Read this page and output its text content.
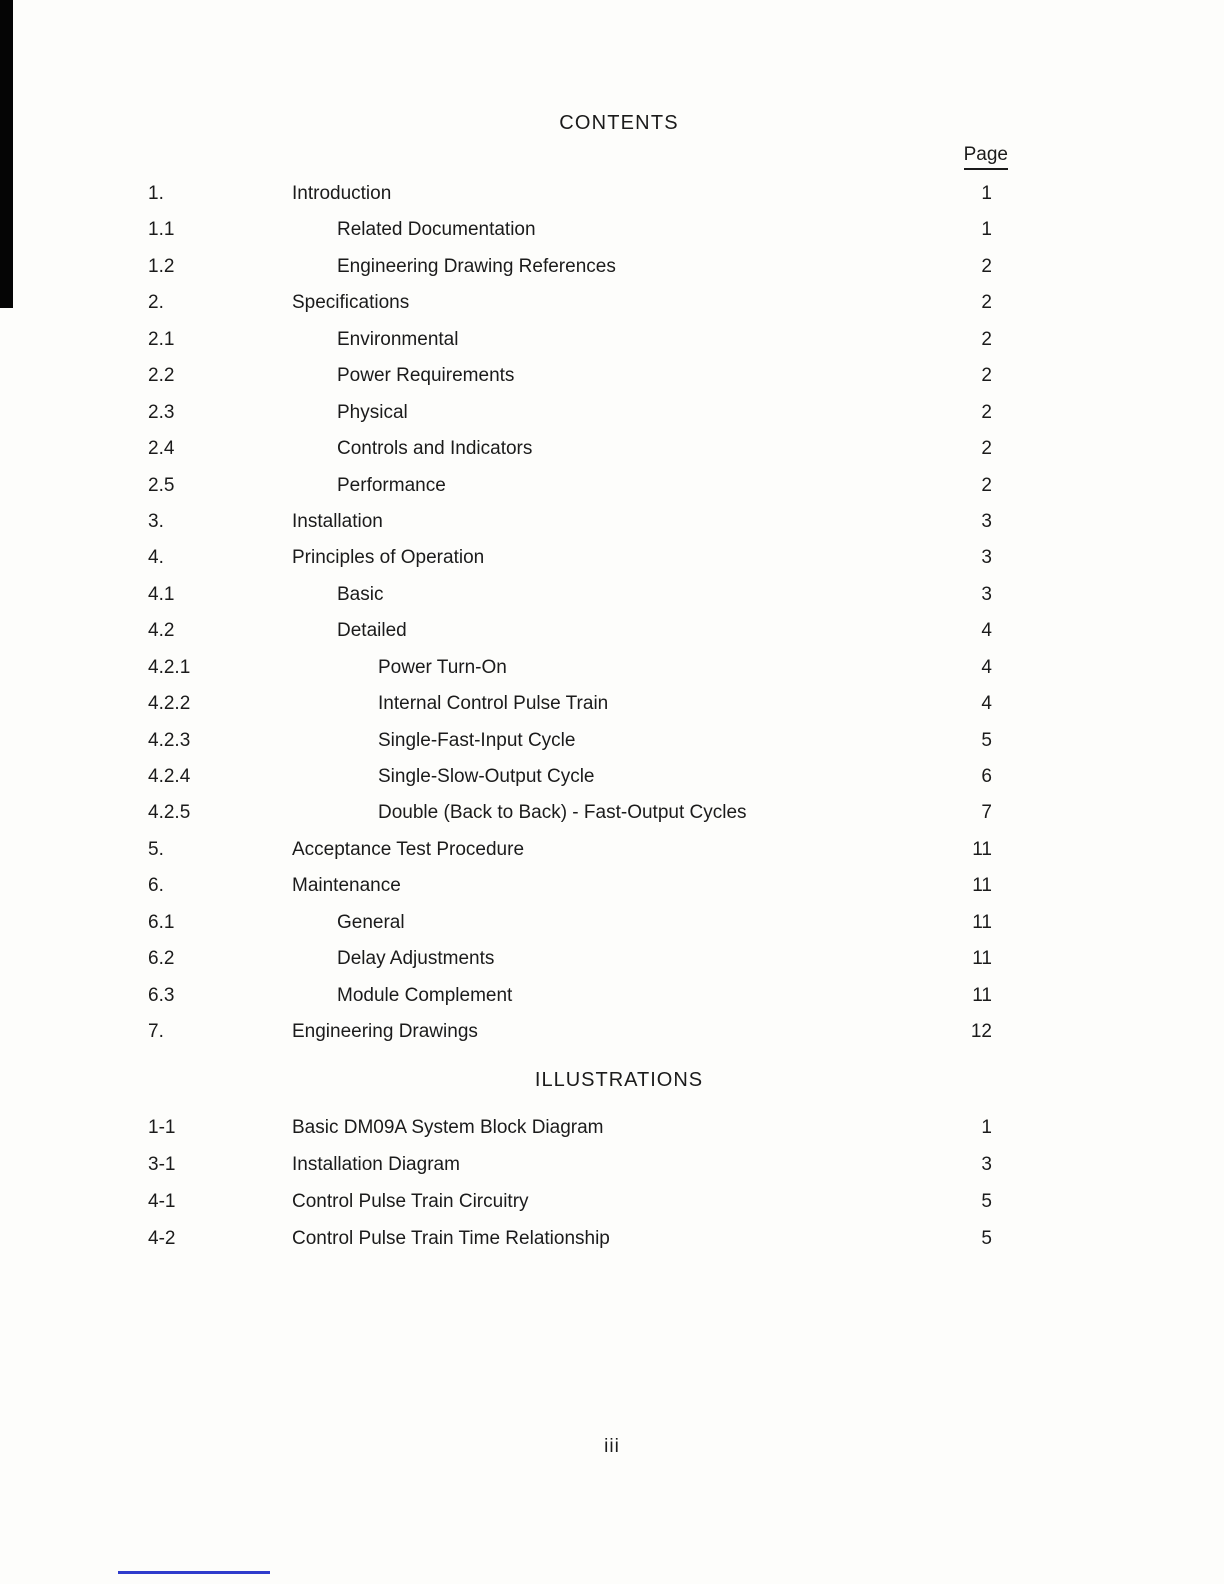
CONTENTS
Page
1.	Introduction	1
1.1	Related Documentation	1
1.2	Engineering Drawing References	2
2.	Specifications	2
2.1	Environmental	2
2.2	Power Requirements	2
2.3	Physical	2
2.4	Controls and Indicators	2
2.5	Performance	2
3.	Installation	3
4.	Principles of Operation	3
4.1	Basic	3
4.2	Detailed	4
4.2.1	Power Turn-On	4
4.2.2	Internal Control Pulse Train	4
4.2.3	Single-Fast-Input Cycle	5
4.2.4	Single-Slow-Output Cycle	6
4.2.5	Double (Back to Back) - Fast-Output Cycles	7
5.	Acceptance Test Procedure	11
6.	Maintenance	11
6.1	General	11
6.2	Delay Adjustments	11
6.3	Module Complement	11
7.	Engineering Drawings	12
ILLUSTRATIONS
1-1	Basic DM09A System Block Diagram	1
3-1	Installation Diagram	3
4-1	Control Pulse Train Circuitry	5
4-2	Control Pulse Train Time Relationship	5
iii
